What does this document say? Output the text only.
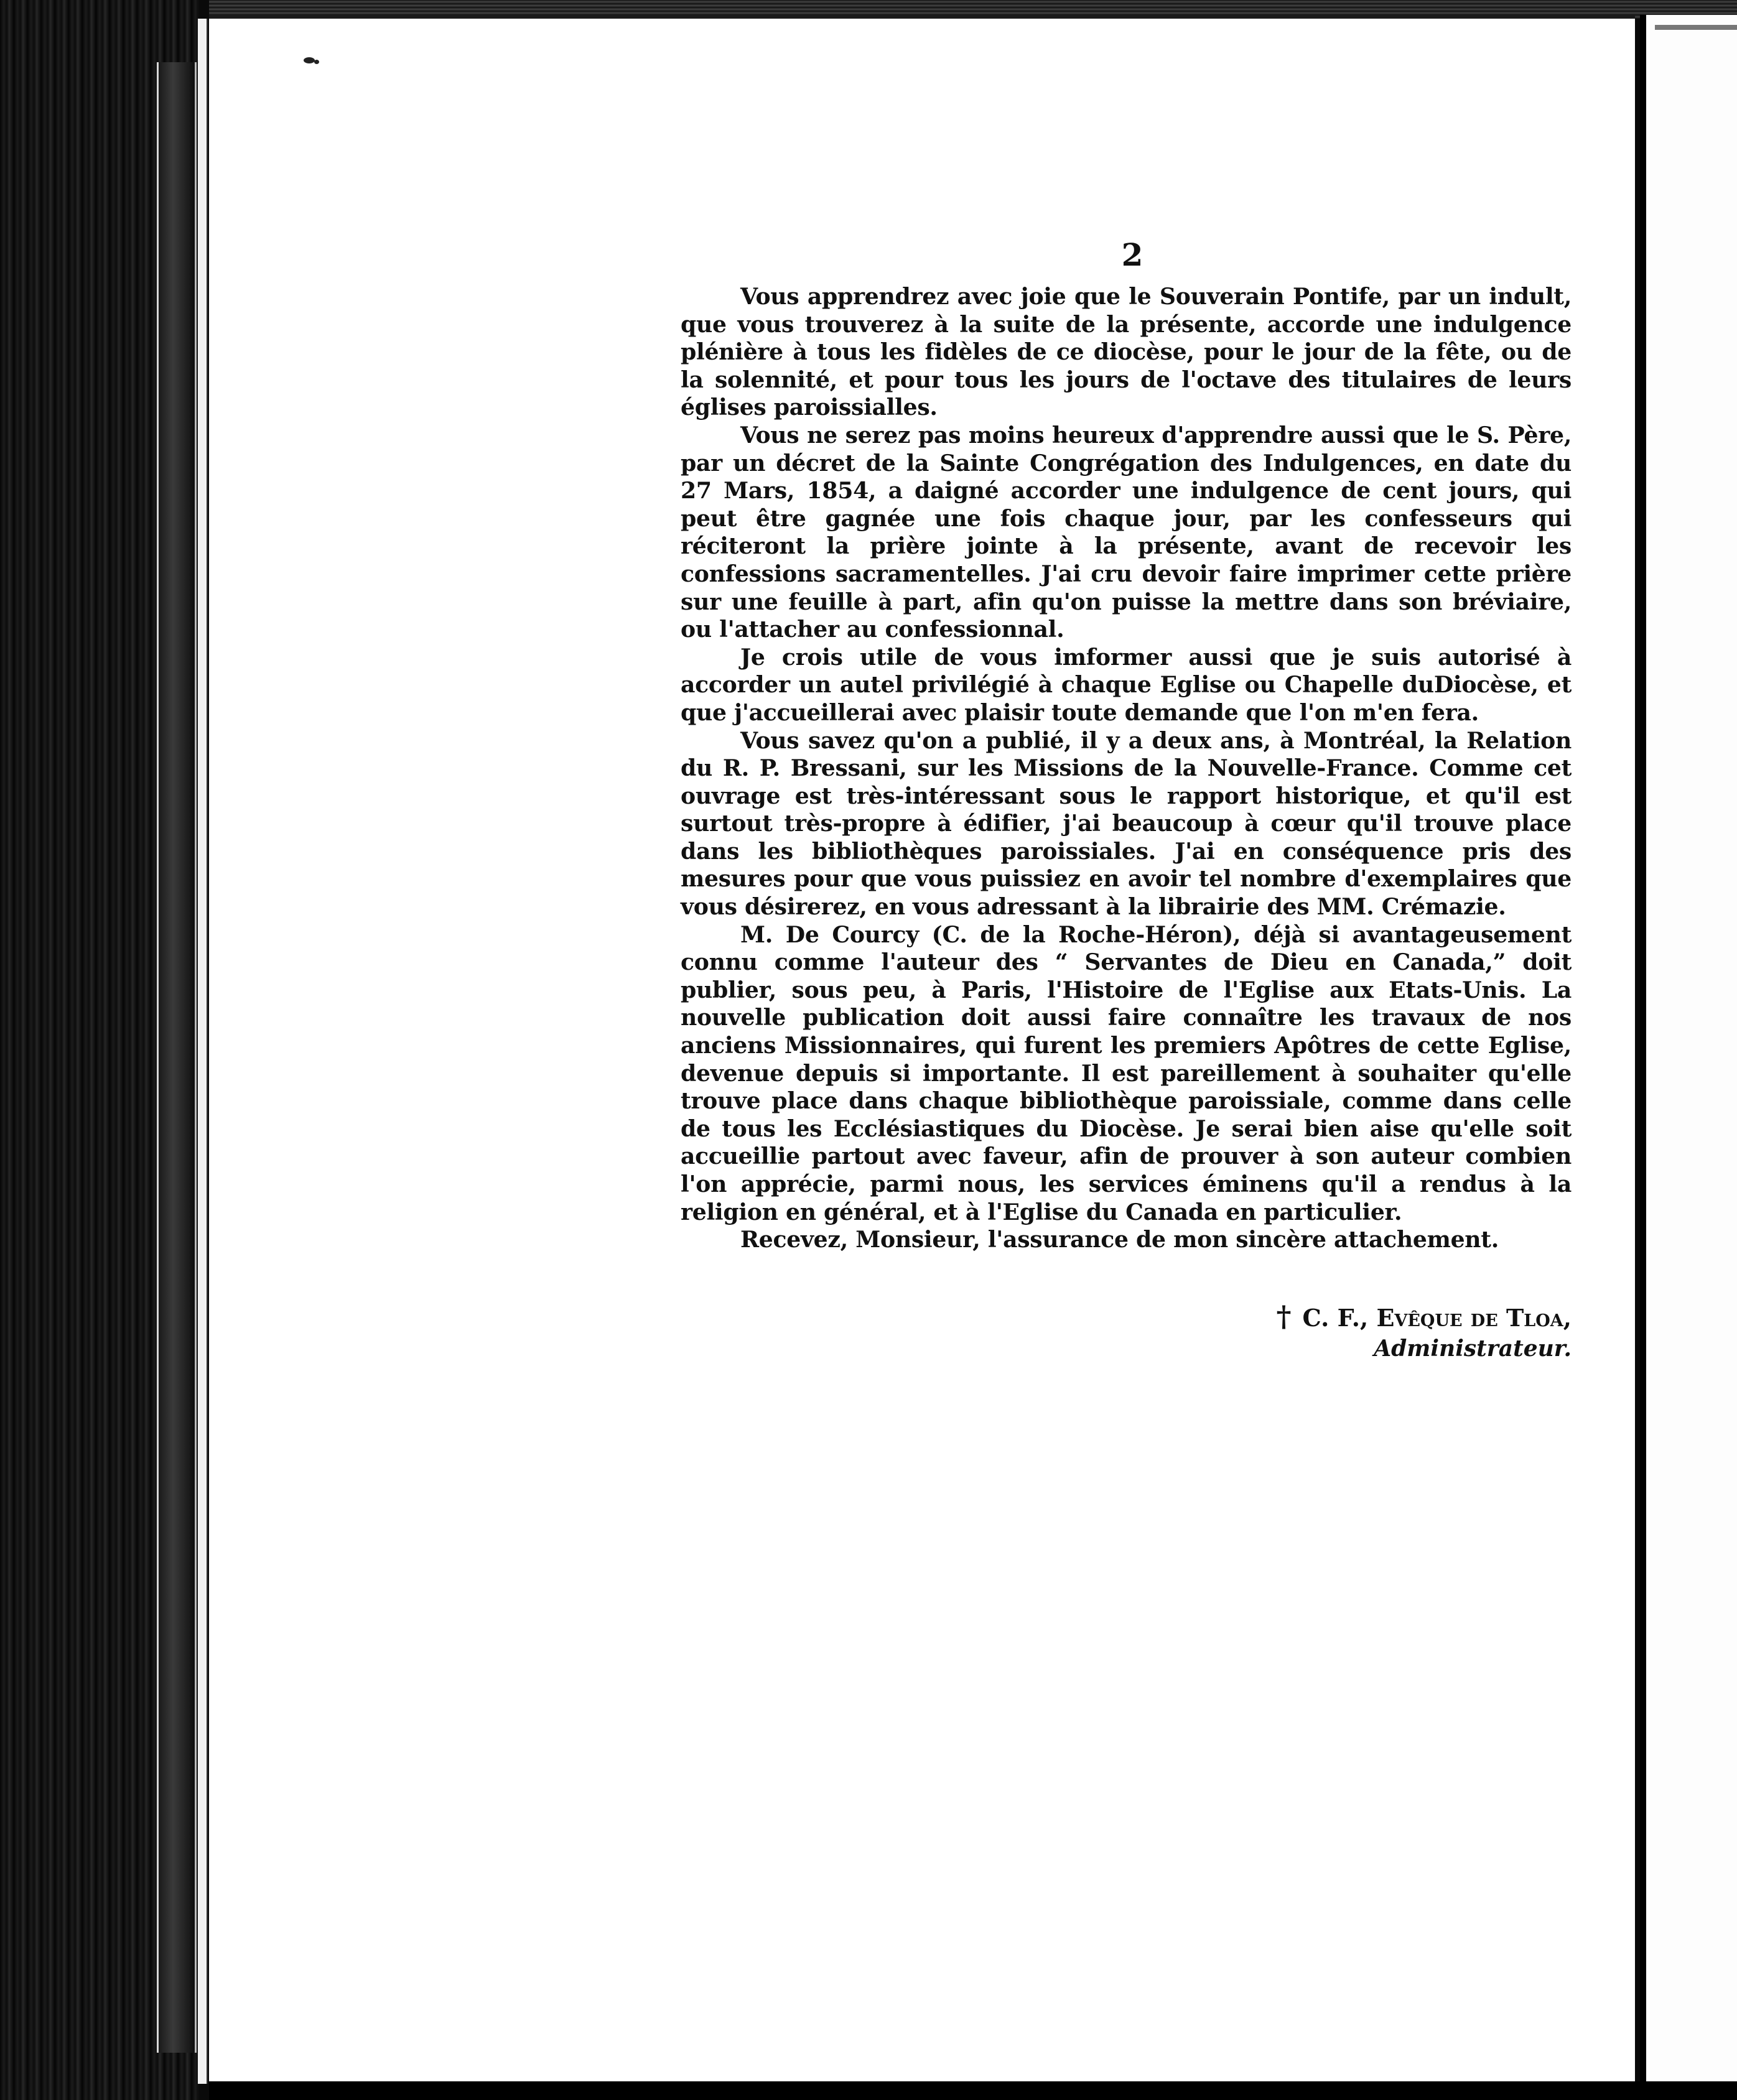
2

Vous apprendrez avec joie que le Souverain Pontife, par un indult, que vous trouverez à la suite de la présente, accorde une indulgence plénière à tous les fidèles de ce diocèse, pour le jour de la fête, ou de la solennité, et pour tous les jours de l'octave des titulaires de leurs églises paroissialles.

Vous ne serez pas moins heureux d'apprendre aussi que le S. Père, par un décret de la Sainte Congrégation des Indulgences, en date du 27 Mars, 1854, a daigné accorder une indulgence de cent jours, qui peut être gagnée une fois chaque jour, par les confesseurs qui réciteront la prière jointe à la présente, avant de recevoir les confessions sacramentelles. J'ai cru devoir faire imprimer cette prière sur une feuille à part, afin qu'on puisse la mettre dans son bréviaire, ou l'attacher au confessionnal.

Je crois utile de vous imformer aussi que je suis autorisé à accorder un autel privilégié à chaque Eglise ou Chapelle duDiocèse, et que j'accueillerai avec plaisir toute demande que l'on m'en fera.

Vous savez qu'on a publié, il y a deux ans, à Montréal, la Relation du R. P. Bressani, sur les Missions de la Nouvelle-France. Comme cet ouvrage est très-intéressant sous le rapport historique, et qu'il est surtout très-propre à édifier, j'ai beaucoup à cœur qu'il trouve place dans les bibliothèques paroissiales. J'ai en conséquence pris des mesures pour que vous puissiez en avoir tel nombre d'exemplaires que vous désirerez, en vous adressant à la librairie des MM. Crémazie.

M. De Courcy (C. de la Roche-Héron), déjà si avantageusement connu comme l'auteur des “ Servantes de Dieu en Canada,” doit publier, sous peu, à Paris, l'Histoire de l'Eglise aux Etats-Unis. La nouvelle publication doit aussi faire connaître les travaux de nos anciens Missionnaires, qui furent les premiers Apôtres de cette Eglise, devenue depuis si importante. Il est pareillement à souhaiter qu'elle trouve place dans chaque bibliothèque paroissiale, comme dans celle de tous les Ecclésiastiques du Diocèse. Je serai bien aise qu'elle soit accueillie partout avec faveur, afin de prouver à son auteur combien l'on apprécie, parmi nous, les services éminens qu'il a rendus à la religion en général, et à l'Eglise du Canada en particulier.

Recevez, Monsieur, l'assurance de mon sincère attachement.

† C. F., Evêque de Tloa,
Administrateur.
